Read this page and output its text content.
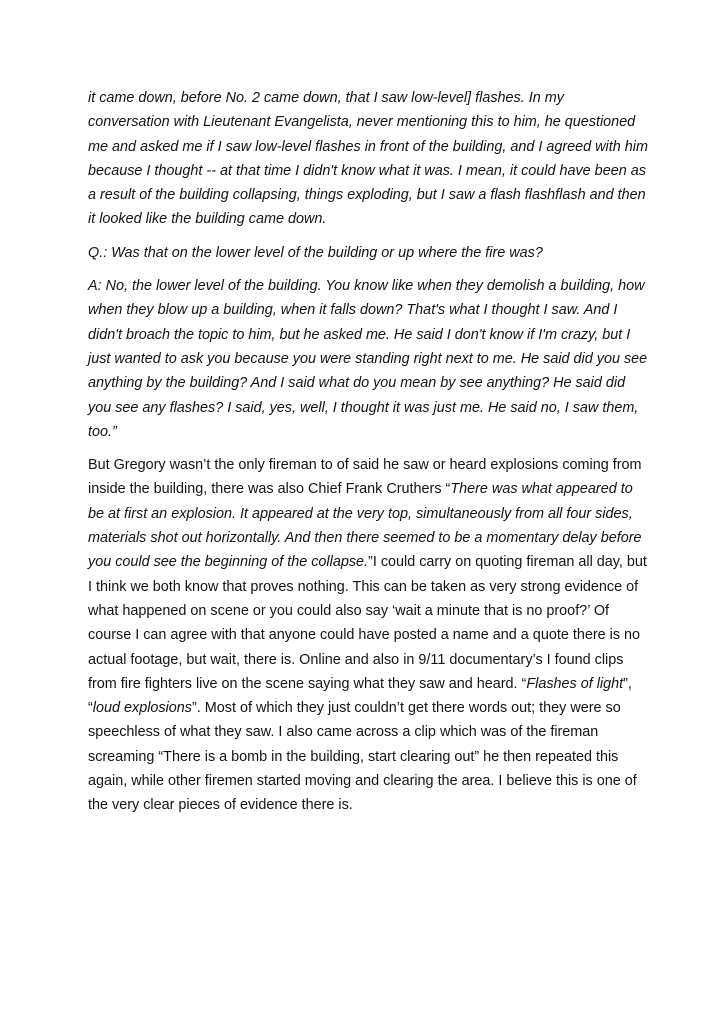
it came down, before No. 2 came down, that I saw low-level] flashes. In my conversation with Lieutenant Evangelista, never mentioning this to him, he questioned me and asked me if I saw low-level flashes in front of the building, and I agreed with him because I thought -- at that time I didn't know what it was. I mean, it could have been as a result of the building collapsing, things exploding, but I saw a flash flashflash and then it looked like the building came down.

Q.: Was that on the lower level of the building or up where the fire was?

A: No, the lower level of the building. You know like when they demolish a building, how when they blow up a building, when it falls down? That's what I thought I saw. And I didn't broach the topic to him, but he asked me. He said I don't know if I'm crazy, but I just wanted to ask you because you were standing right next to me. He said did you see anything by the building? And I said what do you mean by see anything? He said did you see any flashes? I said, yes, well, I thought it was just me. He said no, I saw them, too.”

But Gregory wasn’t the only fireman to of said he saw or heard explosions coming from inside the building, there was also Chief Frank Cruthers “There was what appeared to be at first an explosion. It appeared at the very top, simultaneously from all four sides, materials shot out horizontally. And then there seemed to be a momentary delay before you could see the beginning of the collapse.”I could carry on quoting fireman all day, but I think we both know that proves nothing. This can be taken as very strong evidence of what happened on scene or you could also say ‘wait a minute that is no proof?’ Of course I can agree with that anyone could have posted a name and a quote there is no actual footage, but wait, there is. Online and also in 9/11 documentary’s I found clips from fire fighters live on the scene saying what they saw and heard. “Flashes of light”, “loud explosions”. Most of which they just couldn’t get there words out; they were so speechless of what they saw. I also came across a clip which was of the fireman screaming “There is a bomb in the building, start clearing out” he then repeated this again, while other firemen started moving and clearing the area. I believe this is one of the very clear pieces of evidence there is.
